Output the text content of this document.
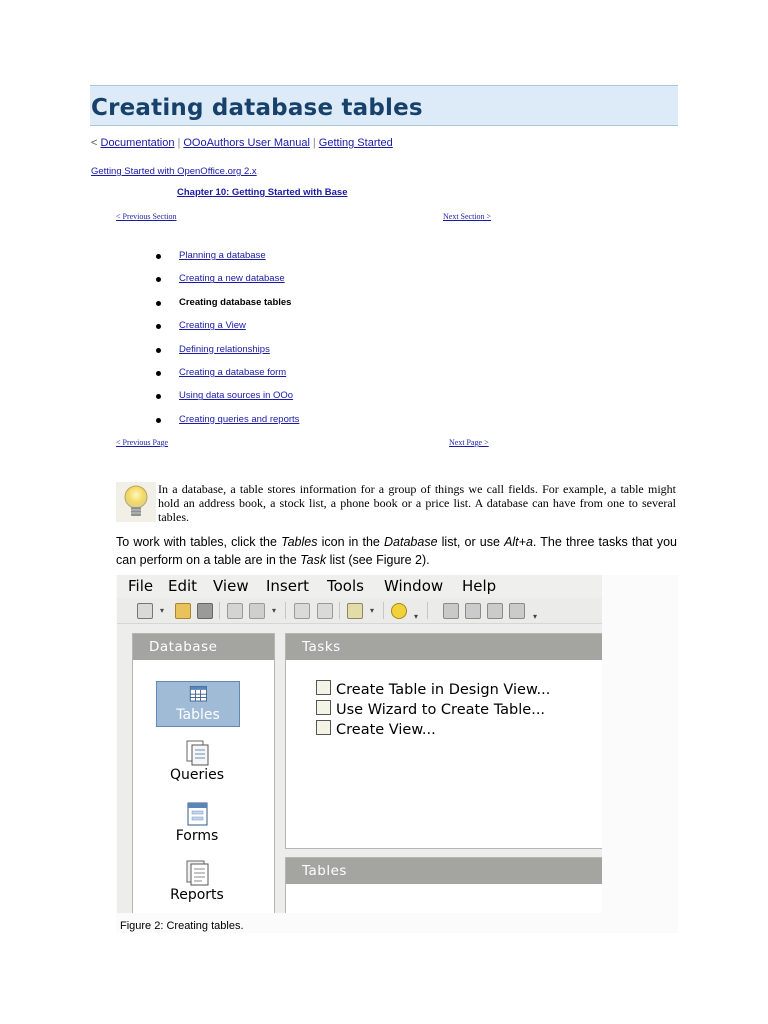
Creating database tables
< Documentation | OOoAuthors User Manual | Getting Started
Getting Started with OpenOffice.org 2.x
Chapter 10: Getting Started with Base
< Previous Section	Next Section >
Planning a database
Creating a new database
Creating database tables
Creating a View
Defining relationships
Creating a database form
Using data sources in OOo
Creating queries and reports
< Previous Page	Next Page >

In a database, a table stores information for a group of things we call fields. For example, a table might hold an address book, a stock list, a phone book or a price list. A database can have from one to several tables.

To work with tables, click the Tables icon in the Database list, or use Alt+a. The three tasks that you can perform on a table are in the Task list (see Figure 2).

File Edit View Insert Tools Window Help
▾	▾	▾
▾	▾
Database
Tables
Queries
Forms
Reports
Tasks
Create Table in Design View...
Use Wizard to Create Table...
Create View...
Tables
Figure 2: Creating tables.
